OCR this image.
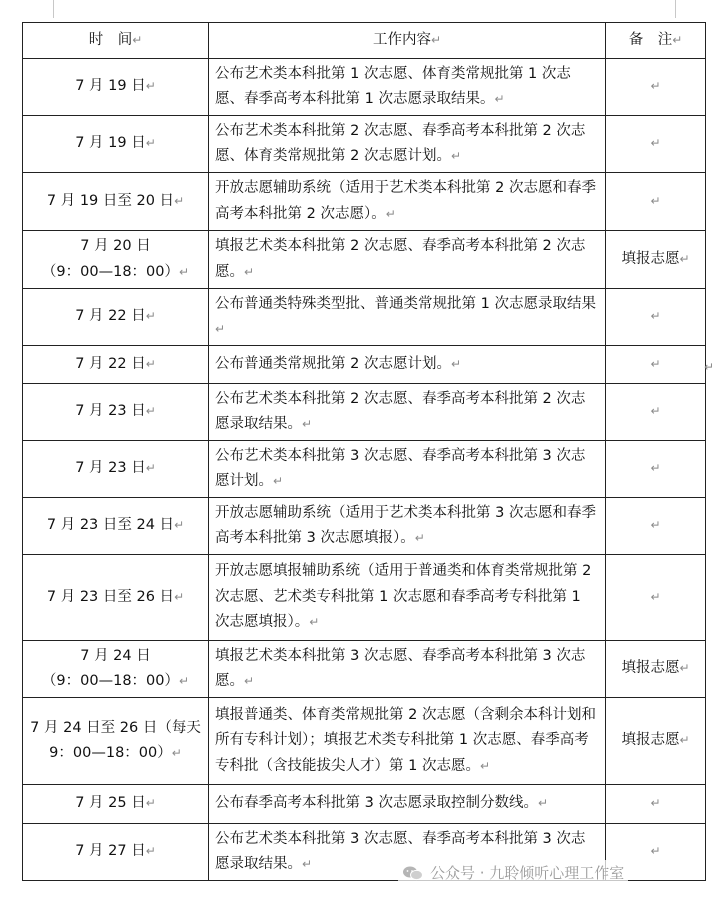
时　间↵	工作内容↵	备　注↵
7 月 19 日↵	公布艺术类本科批第 1 次志愿、体育类常规批第 1 次志愿、春季高考本科批第 1 次志愿录取结果。↵	↵
7 月 19 日↵	公布艺术类本科批第 2 次志愿、春季高考本科批第 2 次志愿、体育类常规批第 2 次志愿计划。↵	↵
7 月 19 日至 20 日↵	开放志愿辅助系统（适用于艺术类本科批第 2 次志愿和春季高考本科批第 2 次志愿）。↵	↵
7 月 20 日
（9：00—18：00）↵	填报艺术类本科批第 2 次志愿、春季高考本科批第 2 次志愿。↵	填报志愿↵
7 月 22 日↵	公布普通类特殊类型批、普通类常规批第 1 次志愿录取结果↵	↵
7 月 22 日↵	公布普通类常规批第 2 次志愿计划。↵	↵
7 月 23 日↵	公布艺术类本科批第 2 次志愿、春季高考本科批第 2 次志愿录取结果。↵	↵
7 月 23 日↵	公布艺术类本科批第 3 次志愿、春季高考本科批第 3 次志愿计划。↵	↵
7 月 23 日至 24 日↵	开放志愿辅助系统（适用于艺术类本科批第 3 次志愿和春季高考本科批第 3 次志愿填报）。↵	↵
7 月 23 日至 26 日↵	开放志愿填报辅助系统（适用于普通类和体育类常规批第 2 次志愿、艺术类专科批第 1 次志愿和春季高考专科批第 1 次志愿填报）。↵	↵
7 月 24 日
（9：00—18：00）↵	填报艺术类本科批第 3 次志愿、春季高考本科批第 3 次志愿。↵	填报志愿↵
7 月 24 日至 26 日（每天 9：00—18：00）↵	填报普通类、体育类常规批第 2 次志愿（含剩余本科计划和所有专科计划）；填报艺术类专科批第 1 次志愿、春季高考专科批（含技能拔尖人才）第 1 次志愿。↵	填报志愿↵
7 月 25 日↵	公布春季高考本科批第 3 次志愿录取控制分数线。↵	↵
7 月 27 日↵	公布艺术类本科批第 3 次志愿、春季高考本科批第 3 次志愿录取结果。↵	↵
↵
公众号 · 九聆倾听心理工作室
